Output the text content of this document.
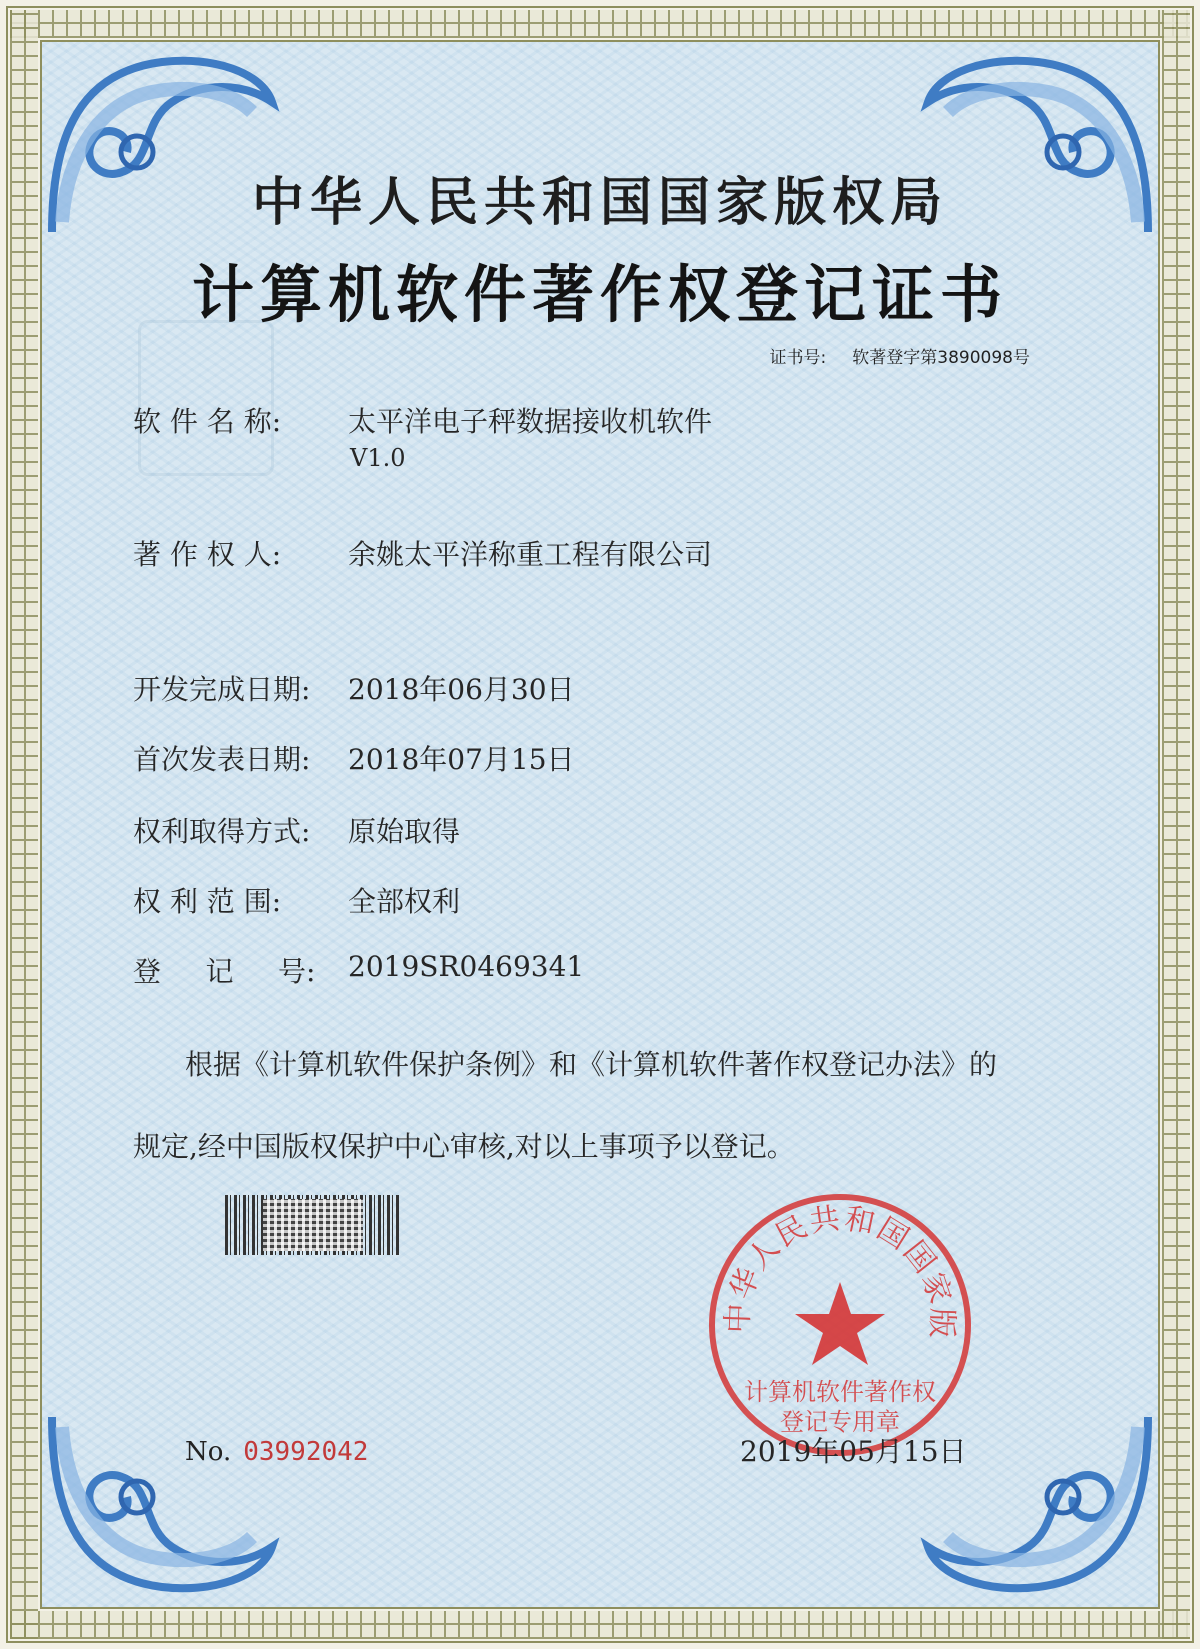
中华人民共和国国家版权局
计算机软件著作权登记证书
证书号: 软著登字第3890098号
软 件 名 称:	太平洋电子秤数据接收机软件
V1.0
著 作 权 人:	余姚太平洋称重工程有限公司
开发完成日期:	2018年06月30日
首次发表日期:	2018年07月15日
权利取得方式:	原始取得
权 利 范 围:	全部权利
登     记     号:	2019SR0469341
根据《计算机软件保护条例》和《计算机软件著作权登记办法》的
规定,经中国版权保护中心审核,对以上事项予以登记。
中华人民共和国国家版
计算机软件著作权
登记专用章
No. 03992042	2019年05月15日
